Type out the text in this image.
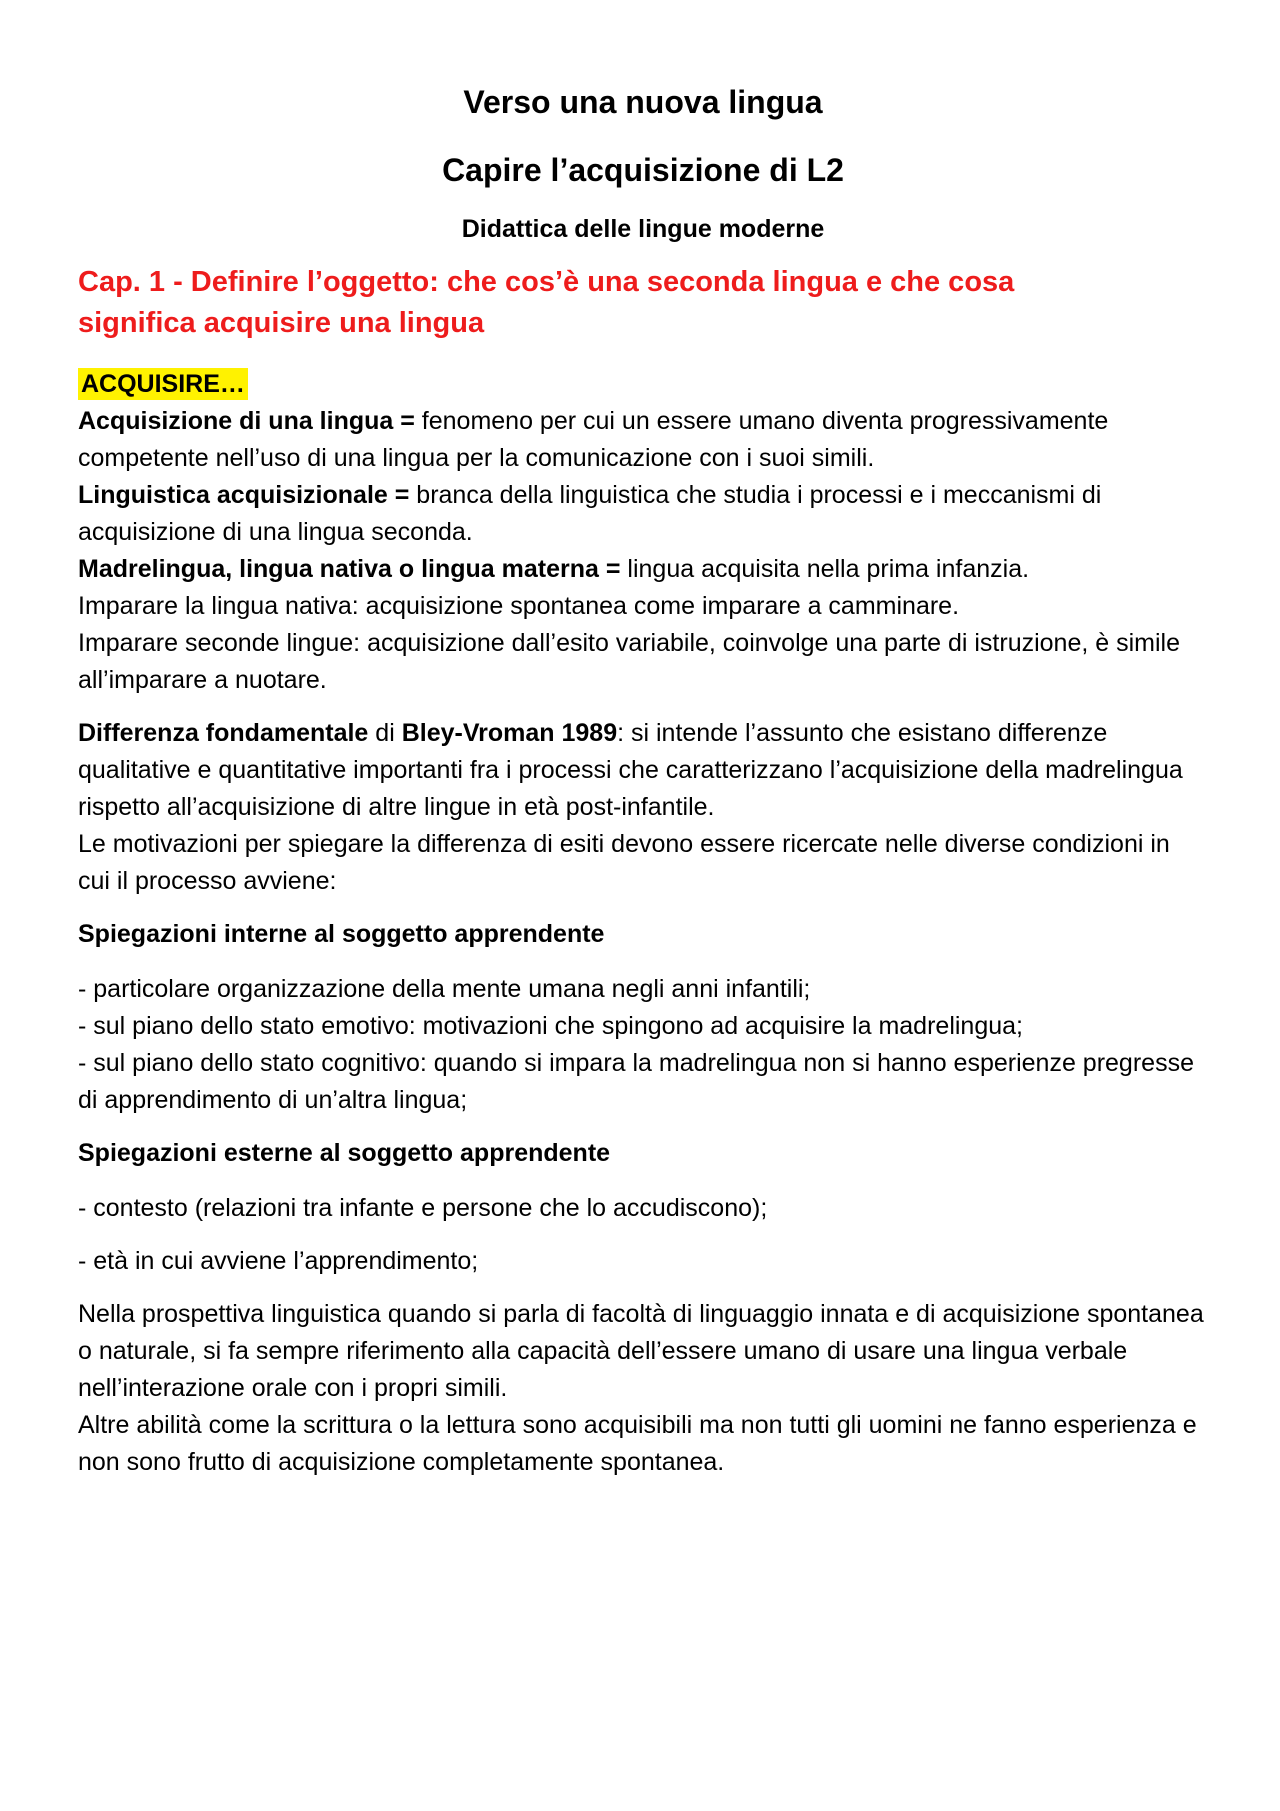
Verso una nuova lingua
Capire l’acquisizione di L2
Didattica delle lingue moderne
Cap. 1 - Definire l’oggetto: che cos’è una seconda lingua e che cosa
significa acquisire una lingua
ACQUISIRE…

Acquisizione di una lingua = fenomeno per cui un essere umano diventa progressivamente competente nell’uso di una lingua per la comunicazione con i suoi simili.

Linguistica acquisizionale = branca della linguistica che studia i processi e i meccanismi di acquisizione di una lingua seconda.

Madrelingua, lingua nativa o lingua materna = lingua acquisita nella prima infanzia.

Imparare la lingua nativa: acquisizione spontanea come imparare a camminare.

Imparare seconde lingue: acquisizione dall’esito variabile, coinvolge una parte di istruzione, è simile all’imparare a nuotare.

Differenza fondamentale di Bley-Vroman 1989: si intende l’assunto che esistano differenze qualitative e quantitative importanti fra i processi che caratterizzano l’acquisizione della madrelingua rispetto all’acquisizione di altre lingue in età post-infantile.

Le motivazioni per spiegare la differenza di esiti devono essere ricercate nelle diverse condizioni in cui il processo avviene:

Spiegazioni interne al soggetto apprendente

- particolare organizzazione della mente umana negli anni infantili;

- sul piano dello stato emotivo: motivazioni che spingono ad acquisire la madrelingua;

- sul piano dello stato cognitivo: quando si impara la madrelingua non si hanno esperienze pregresse di apprendimento di un’altra lingua;

Spiegazioni esterne al soggetto apprendente

- contesto (relazioni tra infante e persone che lo accudiscono);

- età in cui avviene l’apprendimento;

Nella prospettiva linguistica quando si parla di facoltà di linguaggio innata e di acquisizione spontanea o naturale, si fa sempre riferimento alla capacità dell’essere umano di usare una lingua verbale nell’interazione orale con i propri simili.

Altre abilità come la scrittura o la lettura sono acquisibili ma non tutti gli uomini ne fanno esperienza e non sono frutto di acquisizione completamente spontanea.
